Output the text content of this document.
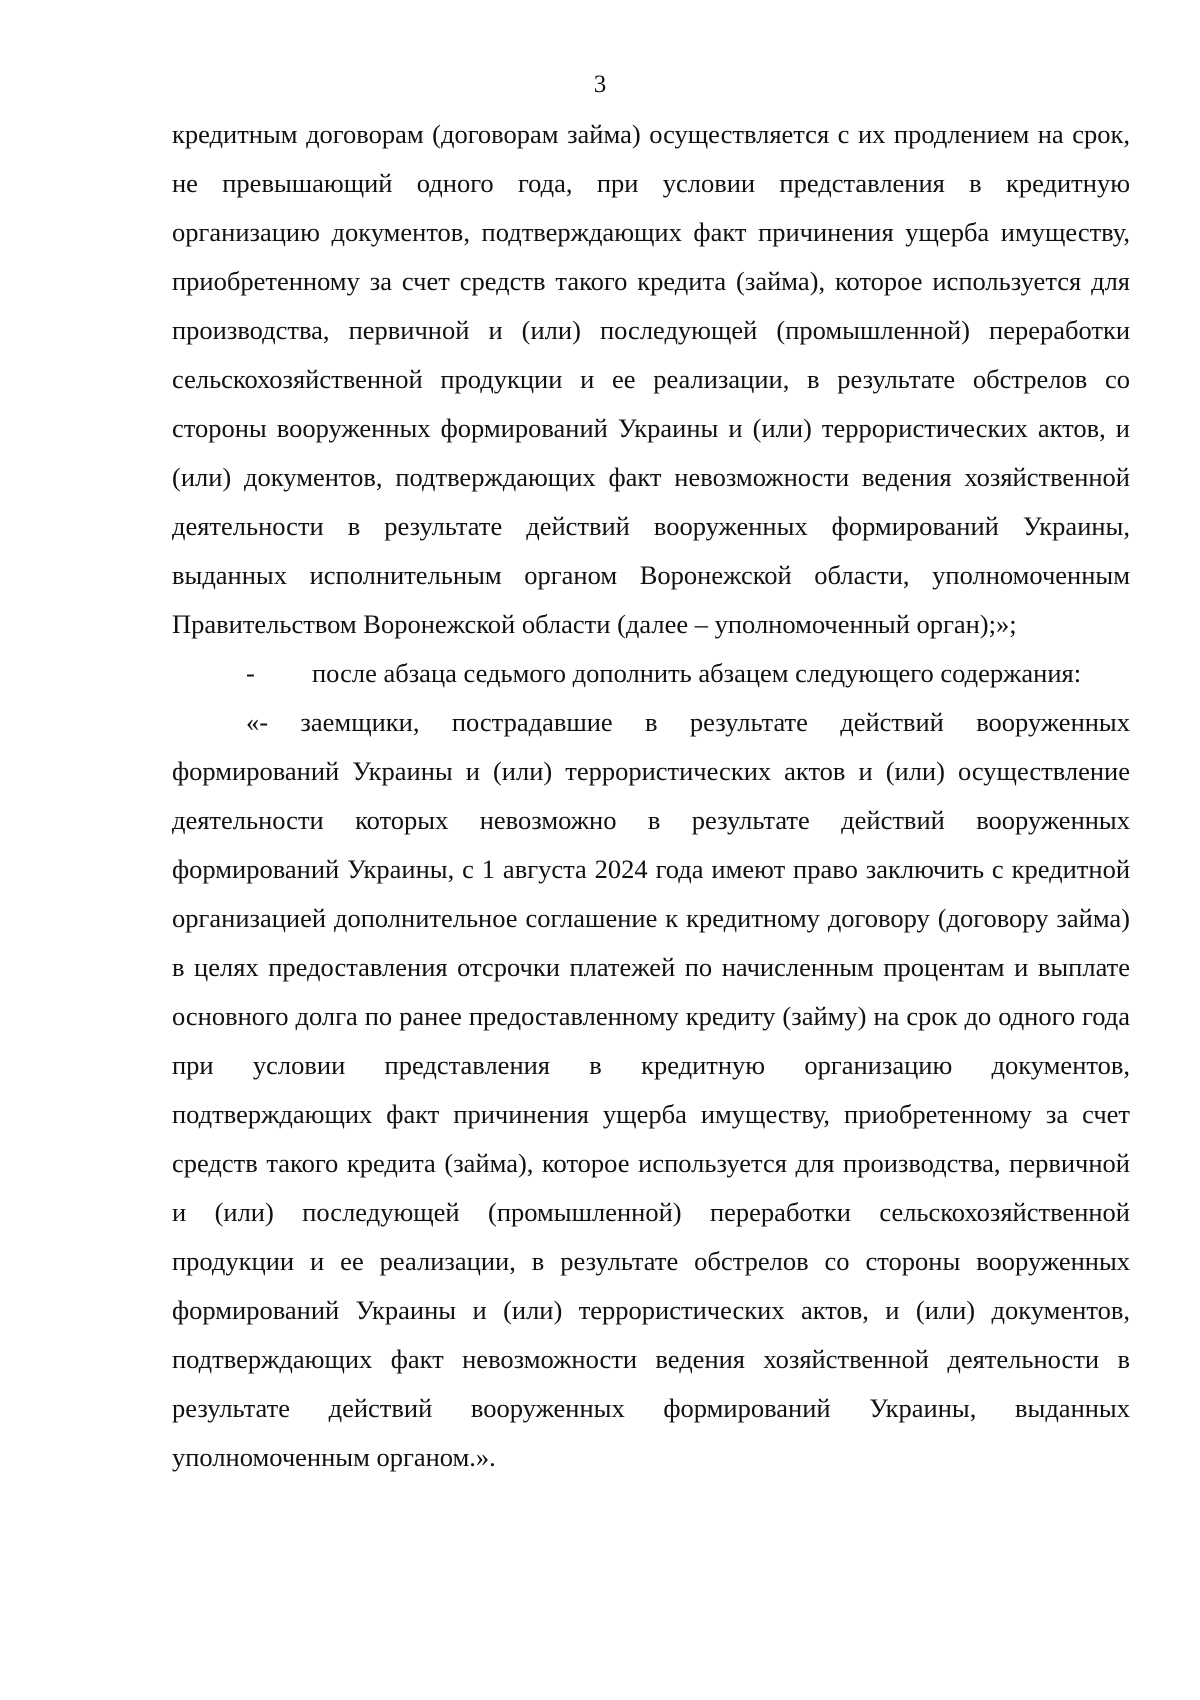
3

кредитным договорам (договорам займа) осуществляется с их продлением на срок, не превышающий одного года, при условии представления в кредитную организацию документов, подтверждающих факт причинения ущерба имуществу, приобретенному за счет средств такого кредита (займа), которое используется для производства, первичной и (или) последующей (промышленной) переработки сельскохозяйственной продукции и ее реализации, в результате обстрелов со стороны вооруженных формирований Украины и (или) террористических актов, и (или) документов, подтверждающих факт невозможности ведения хозяйственной деятельности в результате действий вооруженных формирований Украины, выданных исполнительным органом Воронежской области, уполномоченным Правительством Воронежской области (далее – уполномоченный орган);»;

- после абзаца седьмого дополнить абзацем следующего содержания:

«- заемщики, пострадавшие в результате действий вооруженных формирований Украины и (или) террористических актов и (или) осуществление деятельности которых невозможно в результате действий вооруженных формирований Украины, с 1 августа 2024 года имеют право заключить с кредитной организацией дополнительное соглашение к кредитному договору (договору займа) в целях предоставления отсрочки платежей по начисленным процентам и выплате основного долга по ранее предоставленному кредиту (займу) на срок до одного года при условии представления в кредитную организацию документов, подтверждающих факт причинения ущерба имуществу, приобретенному за счет средств такого кредита (займа), которое используется для производства, первичной и (или) последующей (промышленной) переработки сельскохозяйственной продукции и ее реализации, в результате обстрелов со стороны вооруженных формирований Украины и (или) террористических актов, и (или) документов, подтверждающих факт невозможности ведения хозяйственной деятельности в результате действий вооруженных формирований Украины, выданных уполномоченным органом.».
